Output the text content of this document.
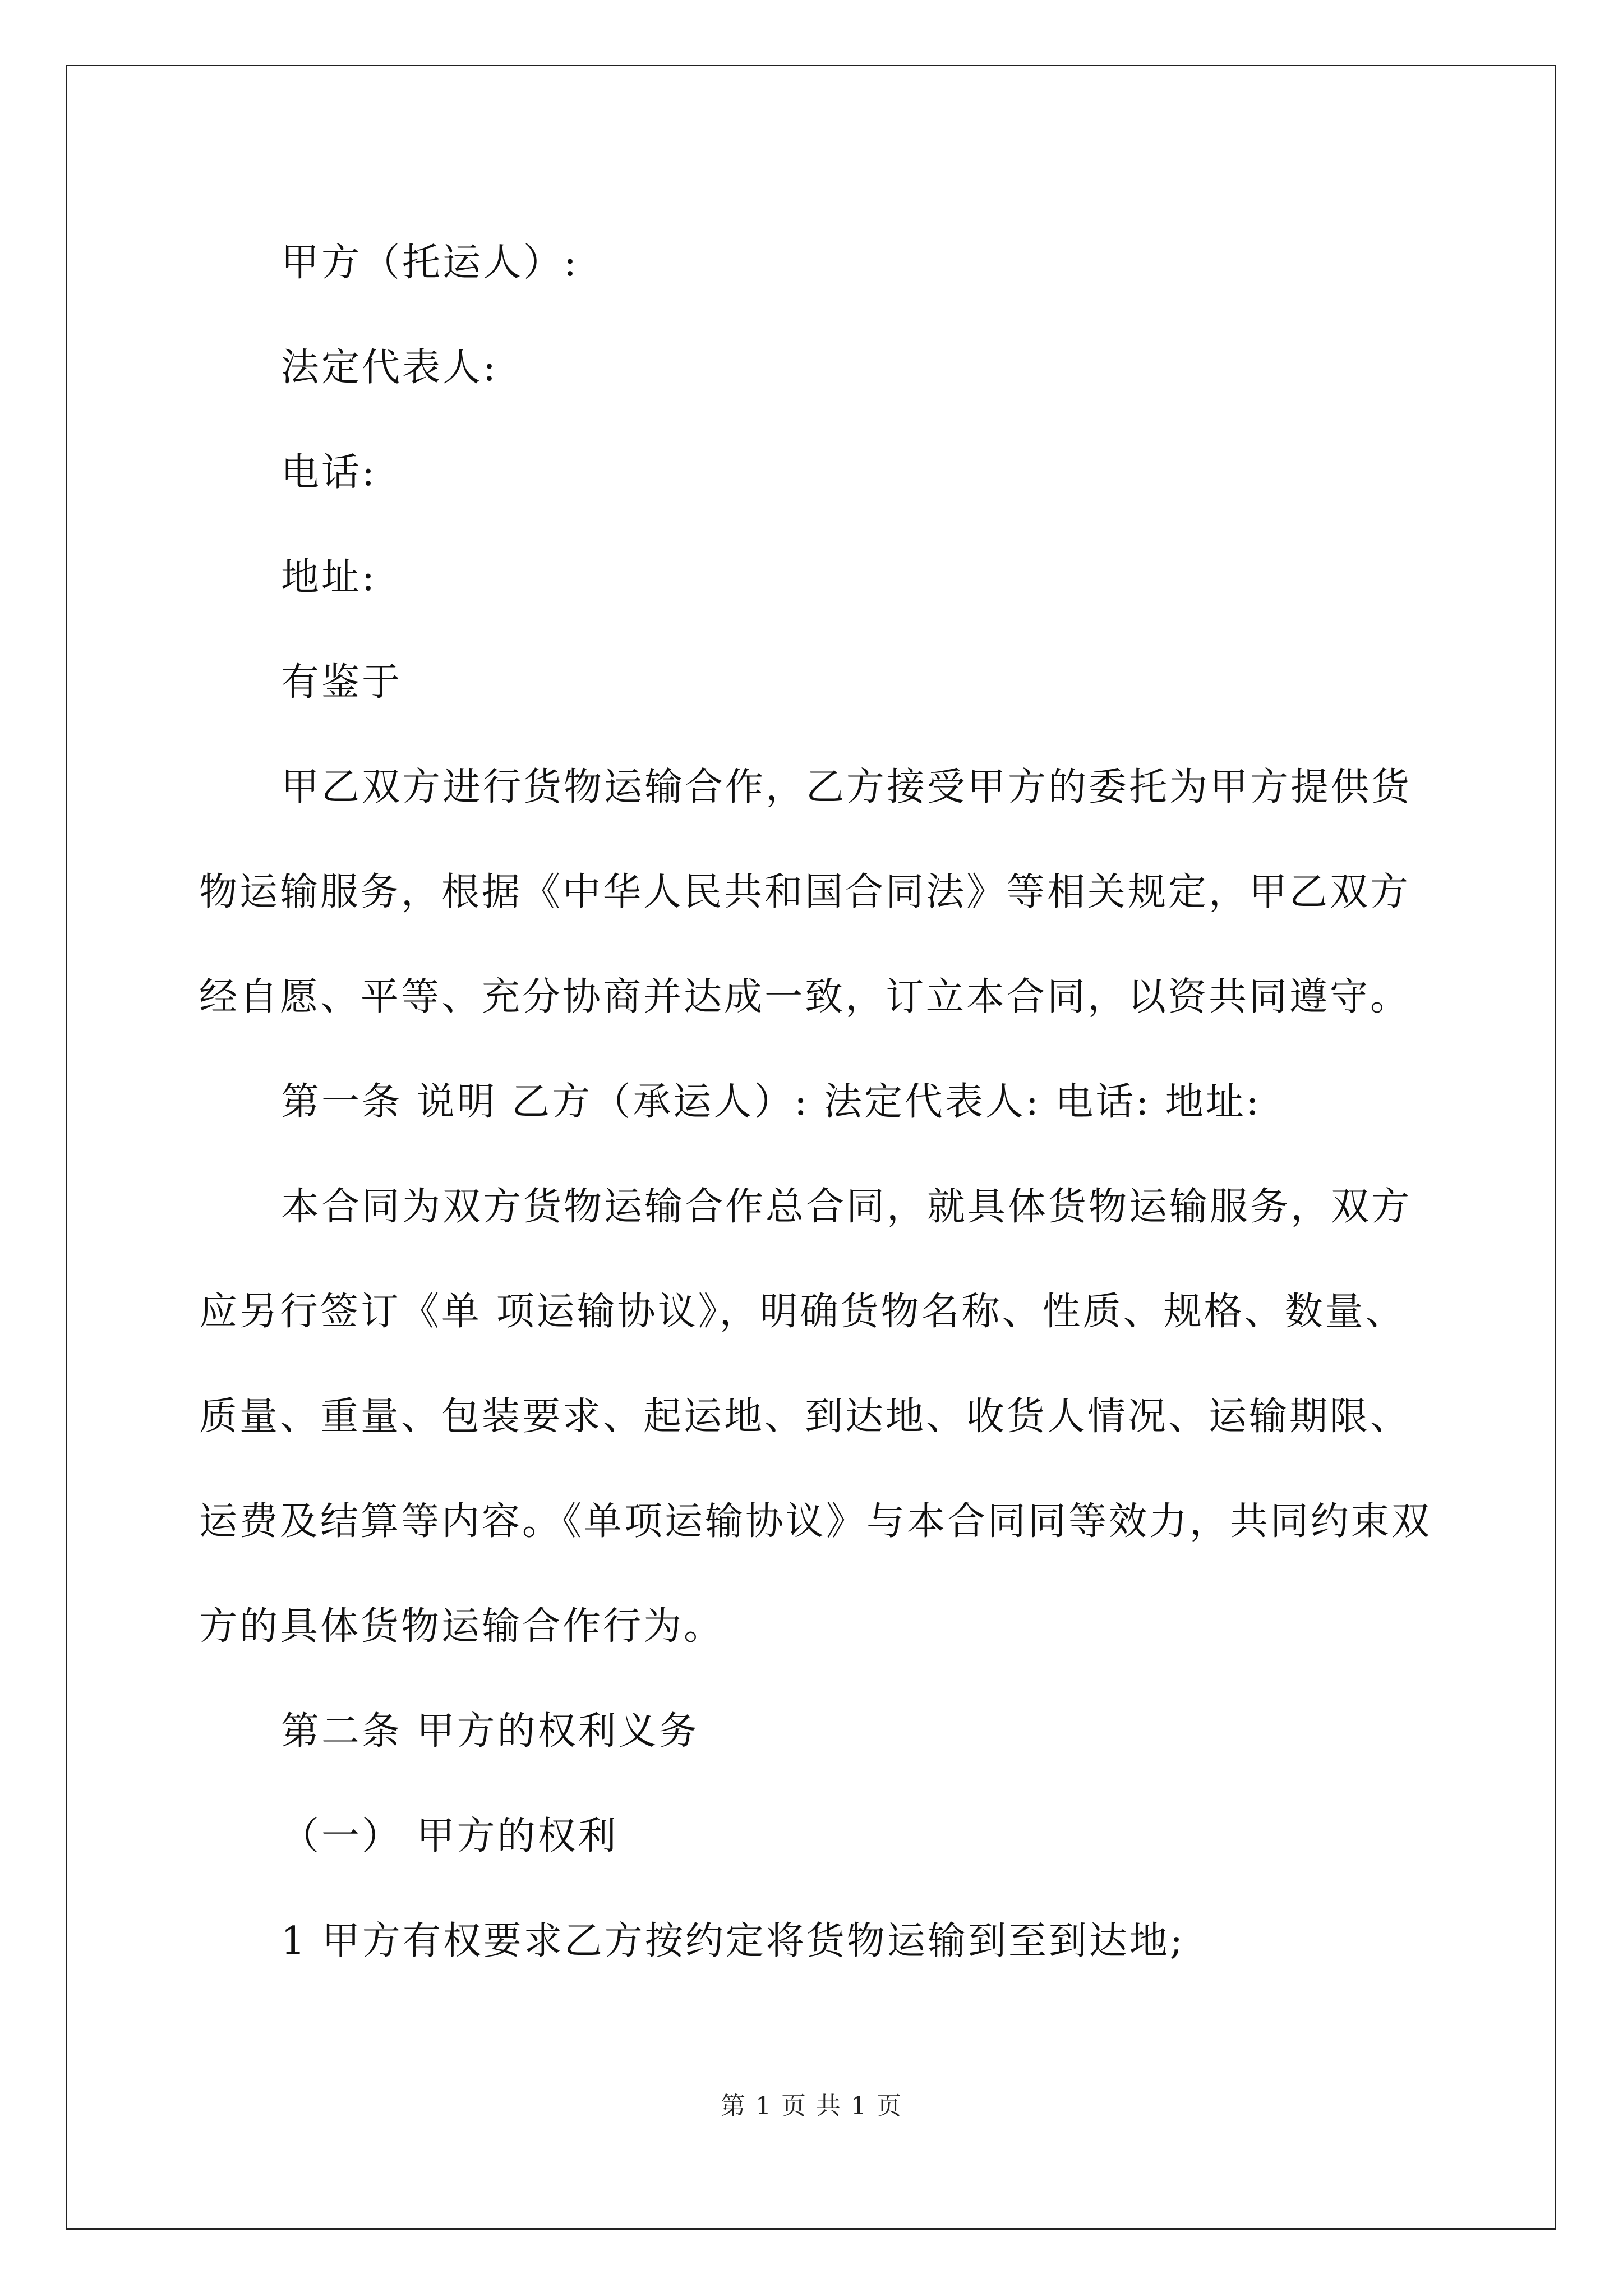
甲方（托运人）:

法定代表人:

电话:

地址:

有鉴于

甲乙双方进行货物运输合作，乙方接受甲方的委托为甲方提供货物运输服务，根据《中华人民共和国合同法》等相关规定，甲乙双方经自愿、平等、充分协商并达成一致，订立本合同，以资共同遵守。

第一条 说明 乙方（承运人）: 法定代表人: 电话: 地址:

本合同为双方货物运输合作总合同，就具体货物运输服务，双方应另行签订《单 项运输协议》，明确货物名称、性质、规格、数量、质量、重量、包装要求、起运地、到达地、收货人情况、运输期限、运费及结算等内容。《单项运输协议》与本合同同等效力，共同约束双方的具体货物运输合作行为。

第二条 甲方的权利义务

（一） 甲方的权利

1 甲方有权要求乙方按约定将货物运输到至到达地;

第 1 页 共 1 页
